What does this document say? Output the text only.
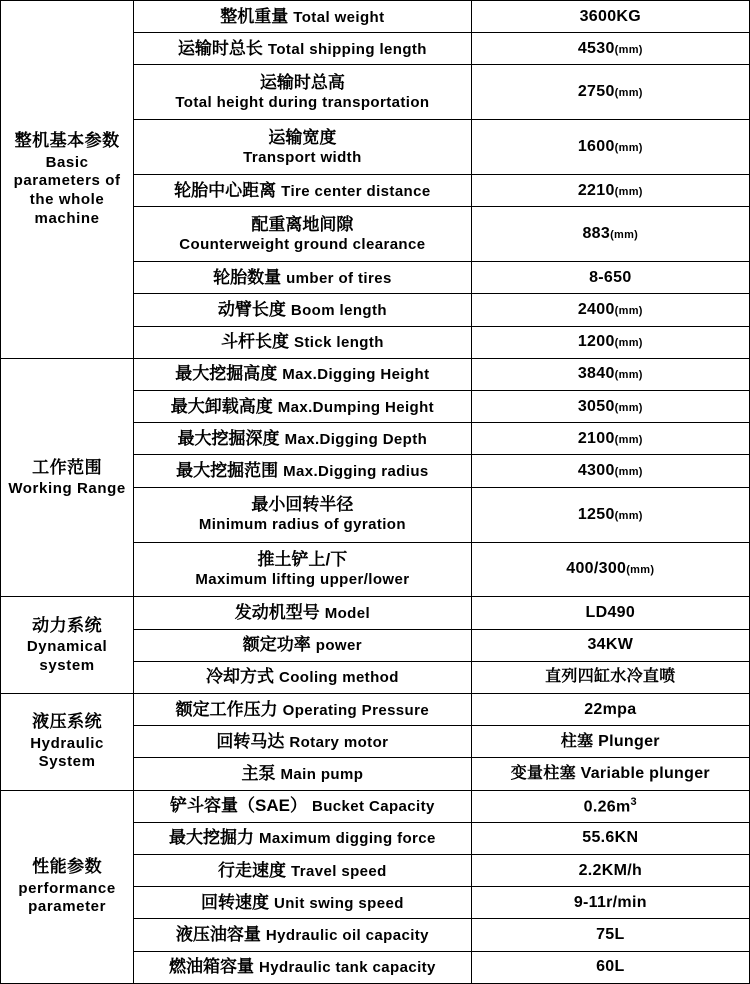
整机基本参数
Basic parameters of the whole machine	整机重量 Total weight	3600KG
	运输时总长 Total shipping length	4530(mm)

	运输时总高
Total height during transportation	2750(mm)

	运输宽度
Transport width	1600(mm)
	轮胎中心距离 Tire center distance	2210(mm)

	配重离地间隙
Counterweight ground clearance	883(mm)
	轮胎数量 umber of tires	8-650
	动臂长度 Boom length	2400(mm)
	斗杆长度 Stick length	1200(mm)

工作范围
Working Range	最大挖掘高度 Max.Digging Height	3840(mm)
	最大卸载高度 Max.Dumping Height	3050(mm)
	最大挖掘深度 Max.Digging Depth	2100(mm)
	最大挖掘范围 Max.Digging radius	4300(mm)

	最小回转半径
Minimum radius of gyration	1250(mm)

	推土铲上/下
Maximum lifting upper/lower	400/300(mm)

动力系统
Dynamical system	发动机型号 Model	LD490
	额定功率 power	34KW
	冷却方式 Cooling method	直列四缸水冷直喷

液压系统
Hydraulic System	额定工作压力 Operating Pressure	22mpa
	回转马达 Rotary motor	柱塞 Plunger
	主泵 Main pump	变量柱塞 Variable plunger

性能参数
performance parameter	铲斗容量（SAE） Bucket Capacity	$0.26m^3$
	最大挖掘力 Maximum digging force	55.6KN
	行走速度 Travel speed	2.2KM/h
	回转速度 Unit swing speed	9-11r/min
	液压油容量 Hydraulic oil capacity	75L
	燃油箱容量 Hydraulic tank capacity	60L
